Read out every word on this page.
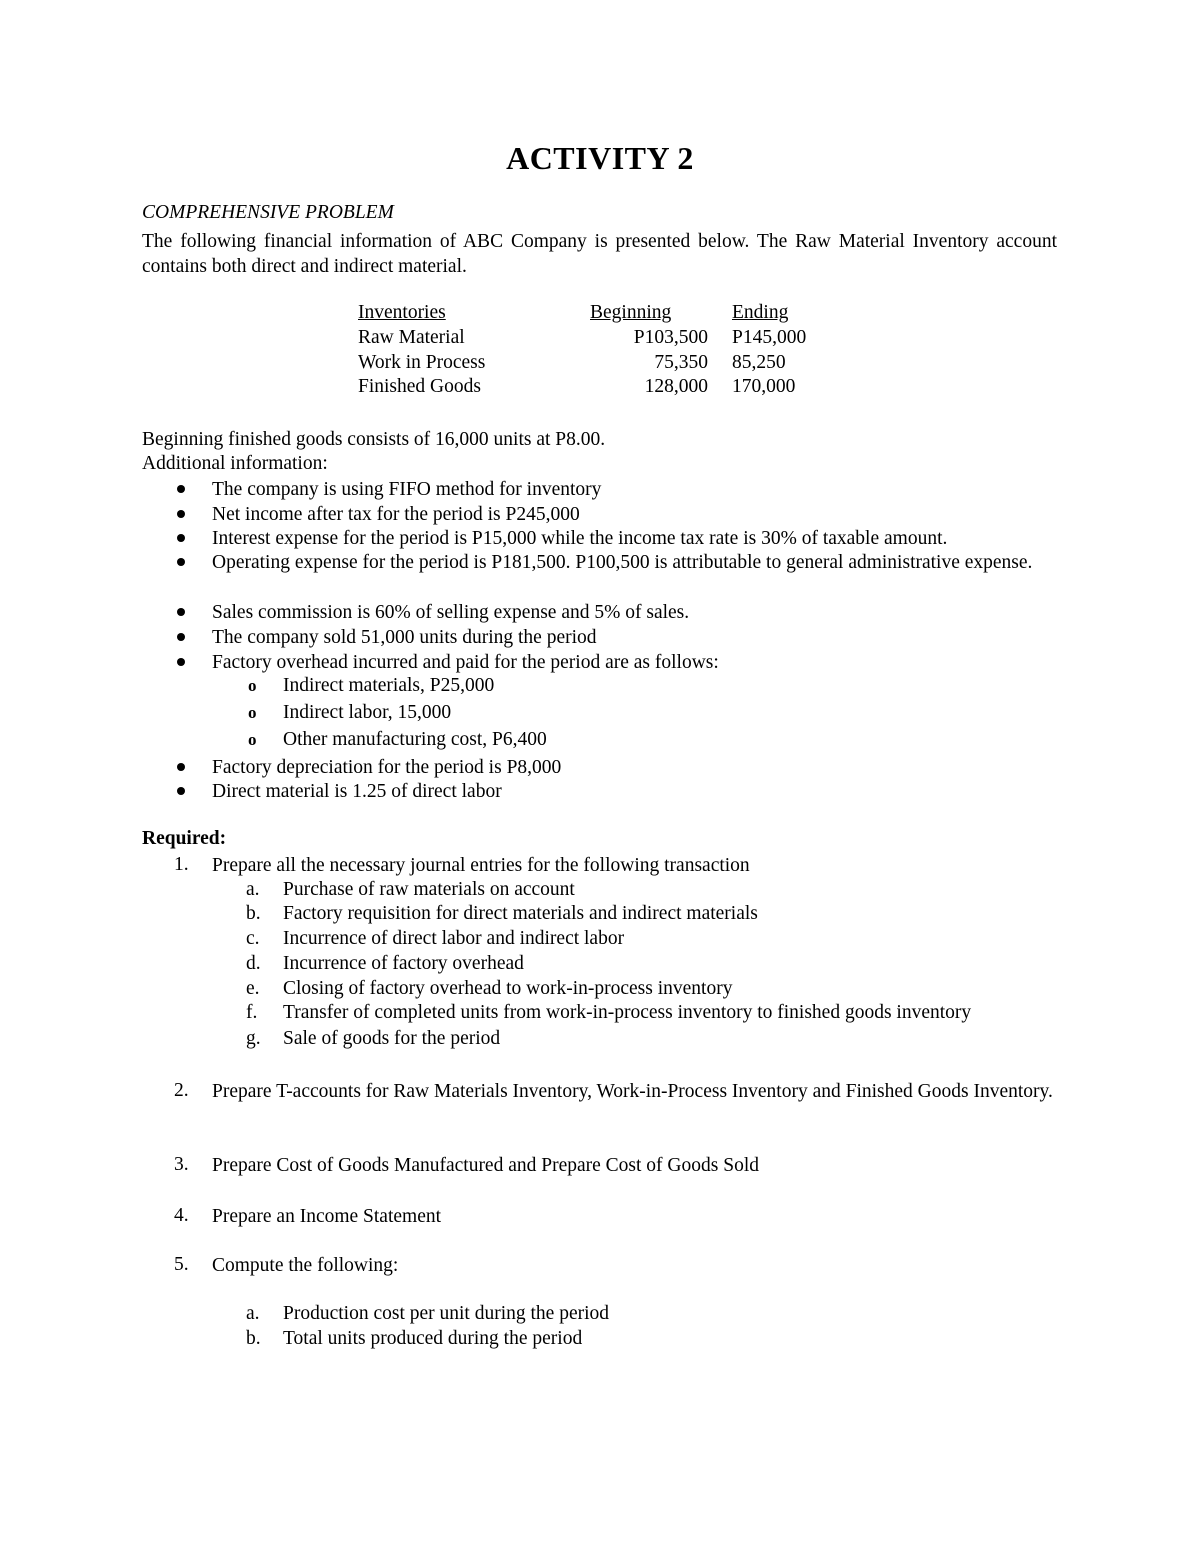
ACTIVITY 2
COMPREHENSIVE PROBLEM
The following financial information of ABC Company is presented below. The Raw Material Inventory account contains both direct and indirect material.
Inventories	Beginning	Ending
Raw Material	P103,500 P145,000
Work in Process	75,350 85,250
Finished Goods	128,000 170,000
Beginning finished goods consists of 16,000 units at P8.00.
Additional information:
The company is using FIFO method for inventory
Net income after tax for the period is P245,000
Interest expense for the period is P15,000 while the income tax rate is 30% of taxable amount.
Operating expense for the period is P181,500. P100,500 is attributable to general administrative expense.
Sales commission is 60% of selling expense and 5% of sales.
The company sold 51,000 units during the period
Factory overhead incurred and paid for the period are as follows:
o Indirect materials, P25,000
o Indirect labor, 15,000
o Other manufacturing cost, P6,400
Factory depreciation for the period is P8,000
Direct material is 1.25 of direct labor
Required:
1. Prepare all the necessary journal entries for the following transaction
a. Purchase of raw materials on account
b. Factory requisition for direct materials and indirect materials
c. Incurrence of direct labor and indirect labor
d. Incurrence of factory overhead
e. Closing of factory overhead to work-in-process inventory
f. Transfer of completed units from work-in-process inventory to finished goods inventory
g. Sale of goods for the period
2. Prepare T-accounts for Raw Materials Inventory, Work-in-Process Inventory and Finished Goods Inventory.
3. Prepare Cost of Goods Manufactured and Prepare Cost of Goods Sold
4. Prepare an Income Statement
5. Compute the following:
a. Production cost per unit during the period
b. Total units produced during the period
